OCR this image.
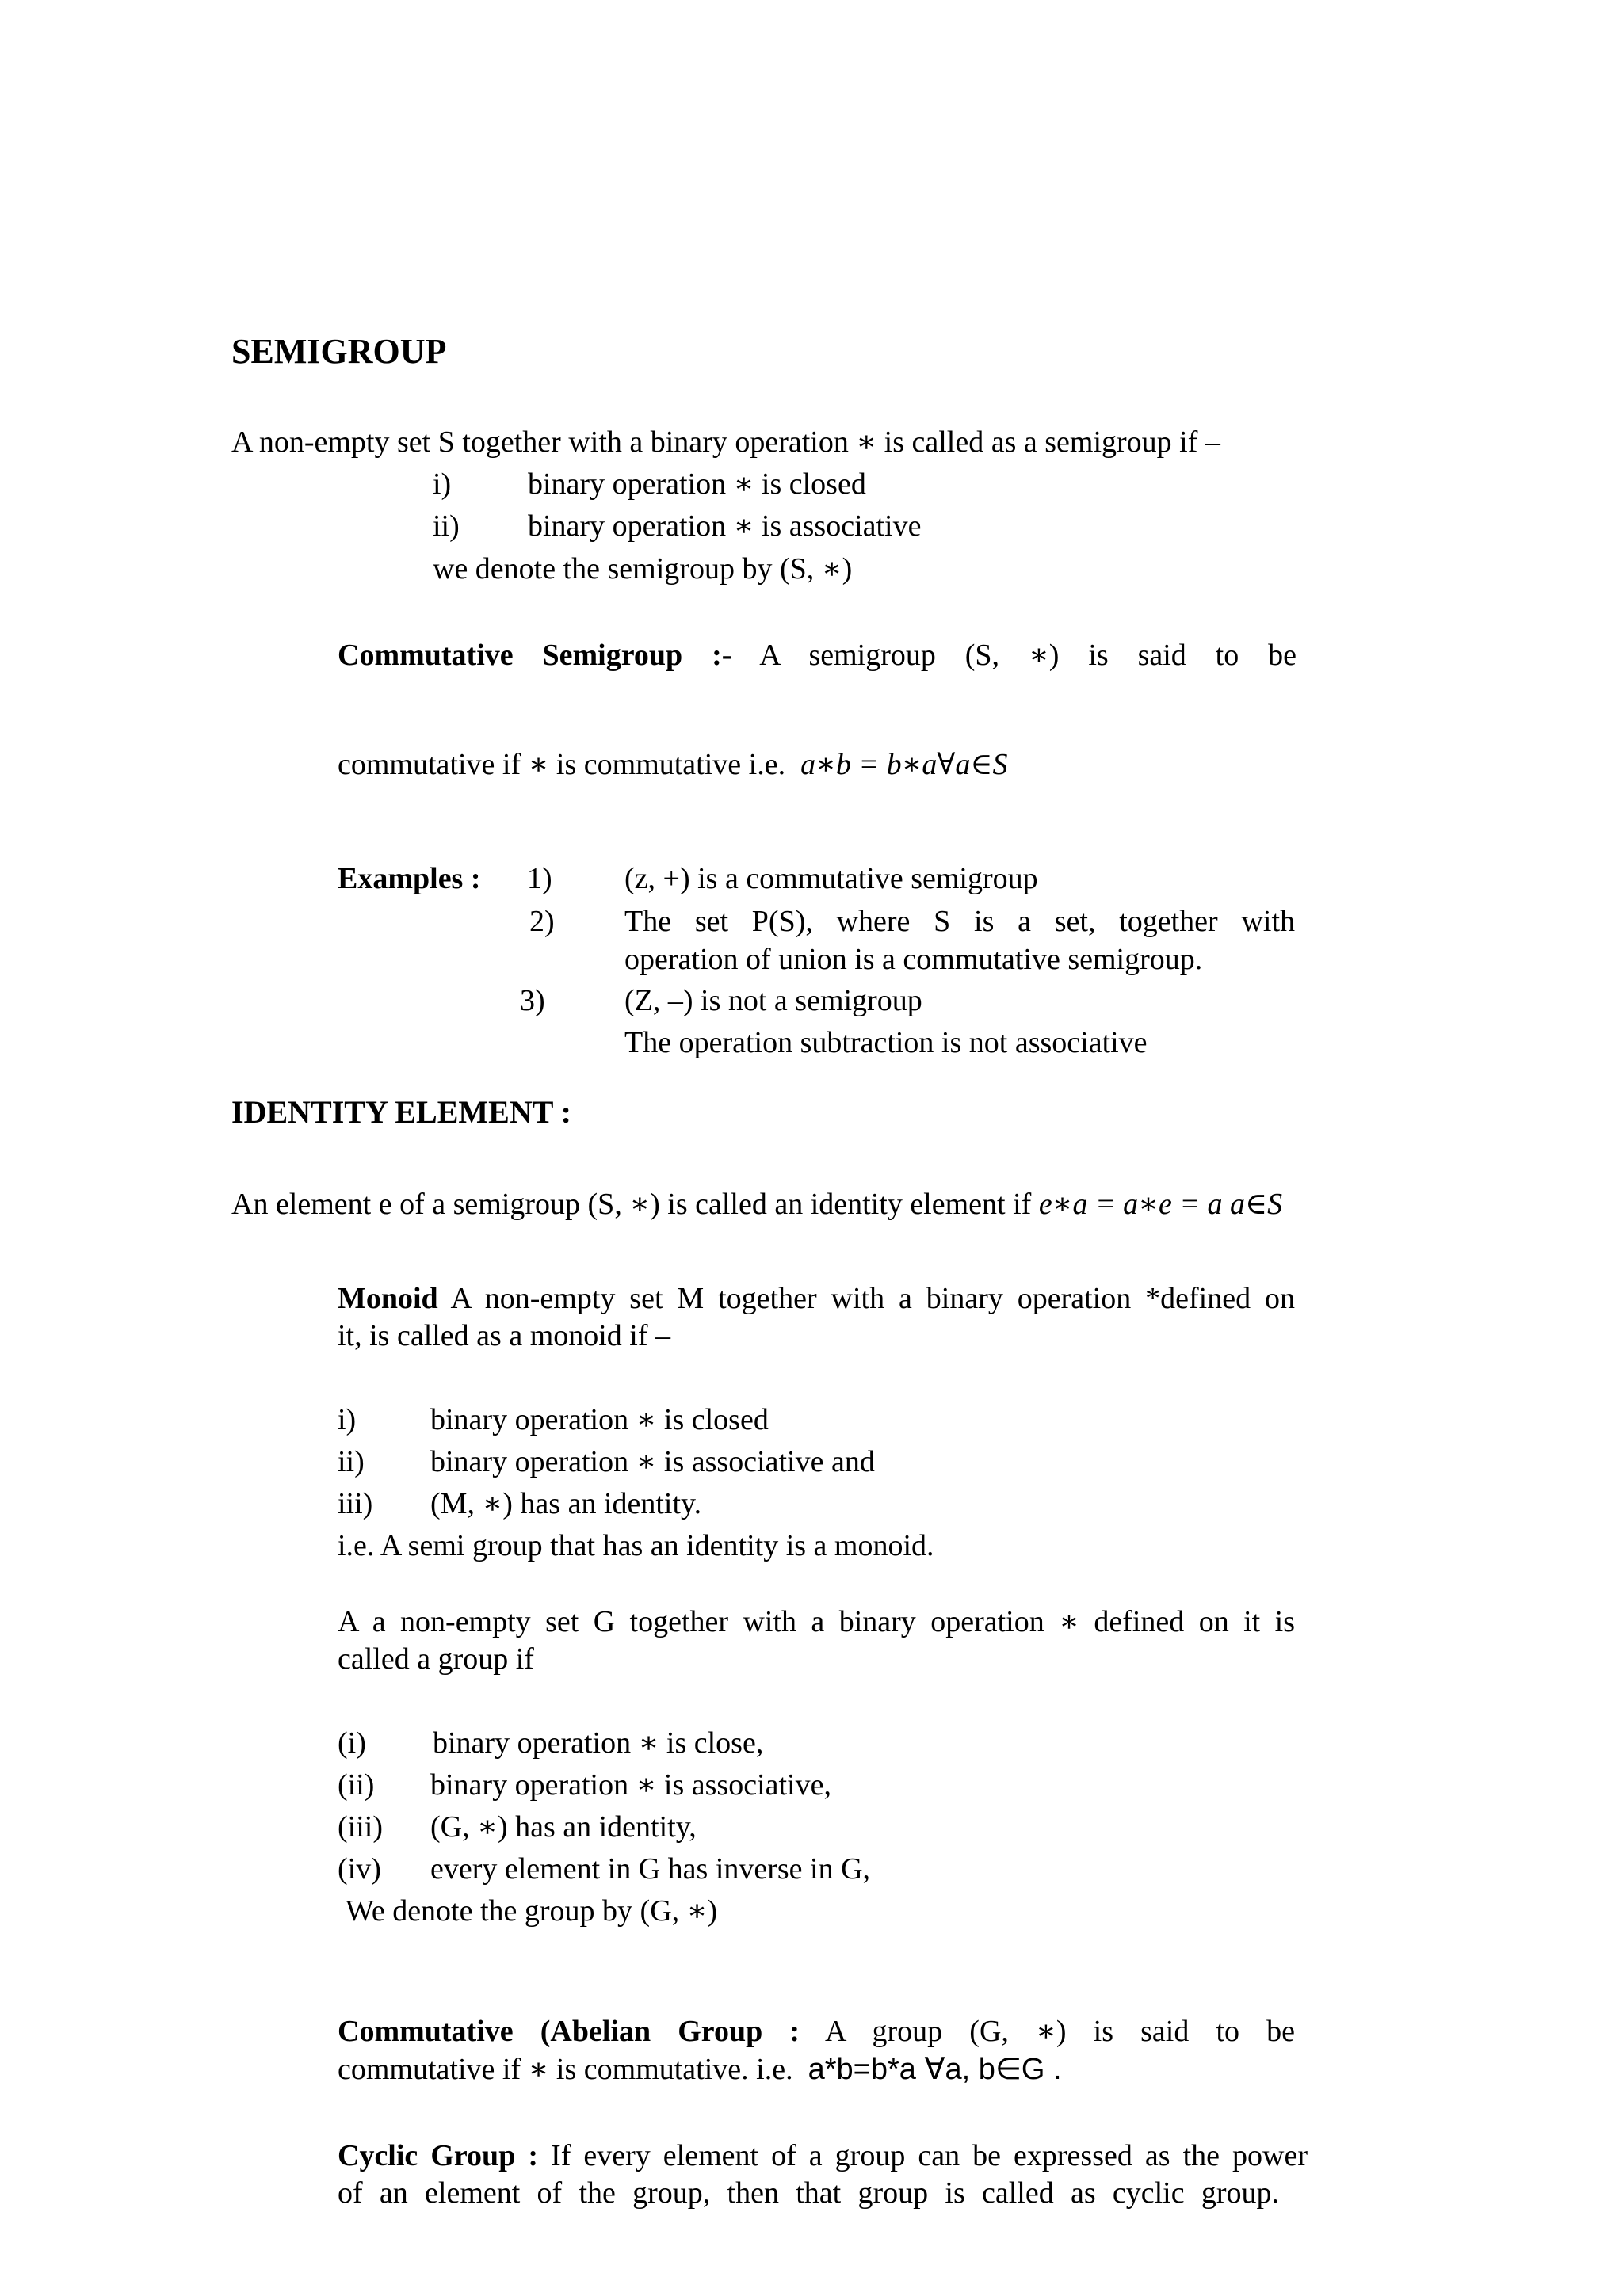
SEMIGROUP
A non-empty set S together with a binary operation ∗ is called as a semigroup if –
i)	binary operation ∗ is closed
ii) binary operation ∗ is associative
we denote the semigroup by (S, ∗)
Commutative Semigroup :- A semigroup (S, ∗) is said to be
commutative if ∗ is commutative i.e. a∗b = b∗a∀a∈S
Examples : 1) (z, +) is a commutative semigroup
2) The set P(S), where S is a set, together with
operation of union is a commutative semigroup.
3)	(Z, –) is not a semigroup
The operation subtraction is not associative
IDENTITY ELEMENT :
An element e of a semigroup (S, ∗) is called an identity element if e∗a = a∗e = a a∈S
Monoid A non-empty set M together with a binary operation *defined on
it, is called as a monoid if –
i) binary operation ∗ is closed
ii) binary operation ∗ is associative and
iii) (M, ∗) has an identity.
i.e. A semi group that has an identity is a monoid.
A a non-empty set G together with a binary operation ∗ defined on it is
called a group if
(i) binary operation ∗ is close,
(ii) binary operation ∗ is associative,
(iii) (G, ∗) has an identity,
(iv) every element in G has inverse in G,
We denote the group by (G, ∗)
Commutative (Abelian Group : A group (G, ∗) is said to be
commutative if ∗ is commutative. i.e. a*b=b*a ∀a, b∈G .
Cyclic Group : If every element of a group can be expressed as the power
of an element of the group, then that group is called as cyclic group.
